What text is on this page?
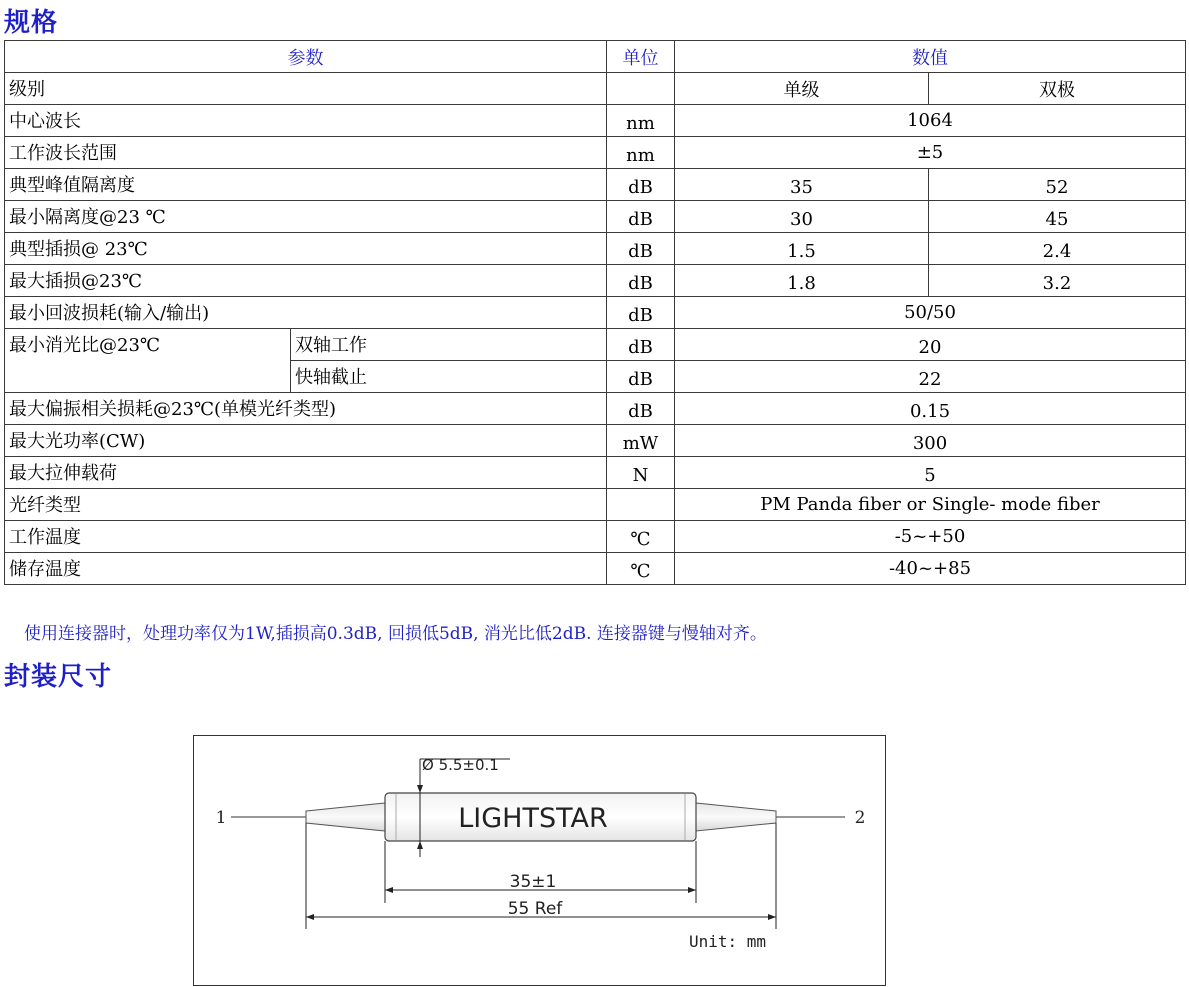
规格
参数		单位	数值	
级别			单级	双极
中心波长		nm	1064	
工作波长范围		nm	±5	
典型峰值隔离度		dB	35	52
最小隔离度@23 ℃		dB	30	45
典型插损@ 23℃		dB	1.5	2.4
最大插损@23℃		dB	1.8	3.2
最小回波损耗(输入/输出)		dB	50/50	
最小消光比@23℃	双轴工作	dB	20	
	快轴截止	dB	22	
最大偏振相关损耗@23℃(单模光纤类型)		dB	0.15	
最大光功率(CW)		mW	300	
最大拉伸载荷		N	5	
光纤类型			PM Panda fiber or Single- mode fiber	
工作温度		℃	-5~+50	
储存温度		℃	-40~+85	

使用连接器时，处理功率仅为1W,插损高0.3dB, 回损低5dB, 消光比低2dB. 连接器键与慢轴对齐。

封装尺寸
Ø 5.5±0.1
LIGHTSTAR
1	2
35±1
55 Ref
Unit: mm
